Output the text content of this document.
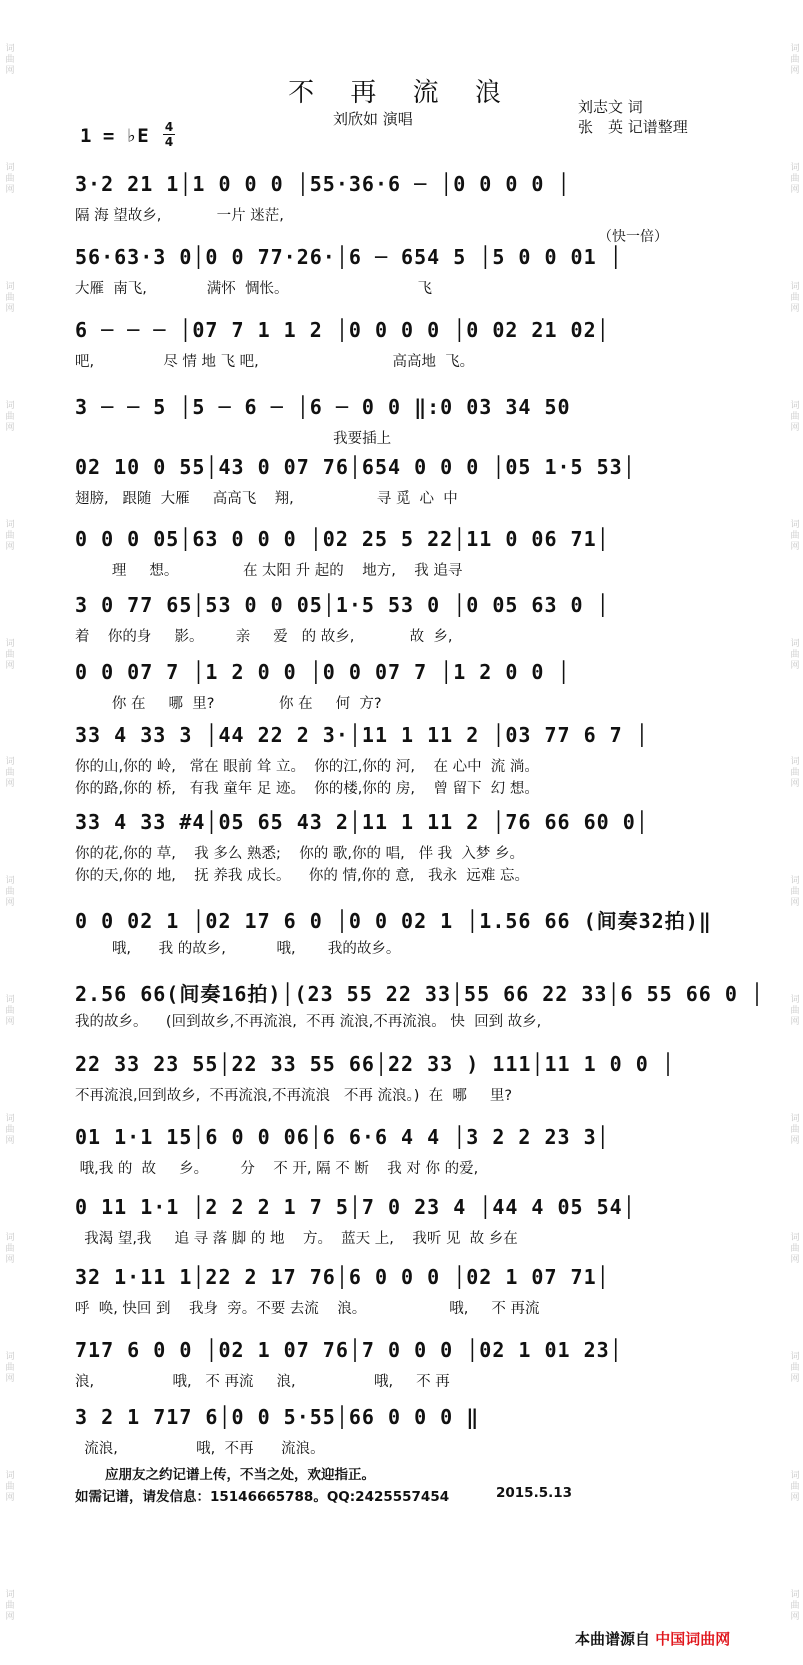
词曲网
词曲网
词曲网
词曲网
词曲网
词曲网
词曲网
词曲网
词曲网
词曲网
词曲网
词曲网
词曲网
词曲网
词曲网
词曲网
词曲网
词曲网
词曲网
词曲网
词曲网
词曲网
词曲网
词曲网
词曲网
词曲网
词曲网
词曲网
不 再 流 浪
刘欣如 演唱
刘志文 词
张　英 记谱整理
1 = ♭E 4
4
（快一倍）
3·2 21 1│1 0 0 0 │55·36·6 ─ │0 0 0 0 │
隔 海 望故乡,            一片 迷茫,
56·63·3 0│0 0 77·26·│6 ─ 654 5 │5 0 0 01 │
大雁  南飞,             满怀  惆怅。                            飞
6 ─ ─ ─ │07 7 1 1 2 │0 0 0 0 │0 02 21 02│
吧,               尽 情 地 飞 吧,                             高高地  飞。
3 ─ ─ 5 │5 ─ 6 ─ │6 ─ 0 0 ‖:0 03 34 50
我要插上
02 10 0 55│43 0 07 76│654 0 0 0 │05 1·5 53│
翅膀,   跟随  大雁     高高飞    翔,                  寻 觅  心  中
0 0 0 05│63 0 0 0 │02 25 5 22│11 0 06 71│
理     想。              在 太阳 升 起的    地方,    我 追寻
3 0 77 65│53 0 0 05│1·5 53 0 │0 05 63 0 │
着    你的身     影。       亲     爱   的 故乡,            故  乡,
0 0 07 7 │1 2 0 0 │0 0 07 7 │1 2 0 0 │
你 在     哪  里?              你 在     何  方?
33 4 33 3 │44 22 2 3·│11 1 11 2 │03 77 6 7 │
你的山,你的 岭,   常在 眼前 耸 立。  你的江,你的 河,    在 心中  流 淌。
你的路,你的 桥,   有我 童年 足 迹。  你的楼,你的 房,    曾 留下  幻 想。
33 4 33 #4│05 65 43 2│11 1 11 2 │76 66 60 0│
你的花,你的 草,    我 多么 熟悉;    你的 歌,你的 唱,   伴 我  入梦 乡。
你的天,你的 地,    抚 养我 成长。    你的 情,你的 意,   我永  远难 忘。
0 0 02 1 │02 17 6 0 │0 0 02 1 │1.56 66 (间奏32拍)‖
哦,      我 的故乡,           哦,       我的故乡。
2.56 66(间奏16拍)│(23 55 22 33│55 66 22 33│6 55 66 0 │
我的故乡。    (回到故乡,不再流浪,  不再 流浪,不再流浪。 快  回到 故乡,
22 33 23 55│22 33 55 66│22 33 ) 111│11 1 0 0 │
不再流浪,回到故乡,  不再流浪,不再流浪   不再 流浪。)  在  哪     里?
01 1·1 15│6 0 0 06│6 6·6 4 4 │3 2 2 23 3│
哦,我 的  故     乡。       分    不 开, 隔 不 断    我 对 你 的爱,
0 11 1·1 │2 2 2 1 7 5│7 0 23 4 │44 4 05 54│
我渴 望,我     追 寻 落 脚 的 地    方。  蓝天 上,    我听 见  故 乡在
32 1·11 1│22 2 17 76│6 0 0 0 │02 1 07 71│
呼  唤, 快回 到    我身  旁。不要 去流    浪。                  哦,     不 再流
717 6 0 0 │02 1 07 76│7 0 0 0 │02 1 01 23│
浪,                 哦,   不 再流     浪,                 哦,     不 再
3 2 1 717 6│0 0 5·55│66 0 0 0 ‖
流浪,                 哦,  不再      流浪。
应朋友之约记谱上传，不当之处，欢迎指正。
如需记谱，请发信息：15146665788。QQ:2425557454	2015.5.13
本曲谱源自 中国词曲网
